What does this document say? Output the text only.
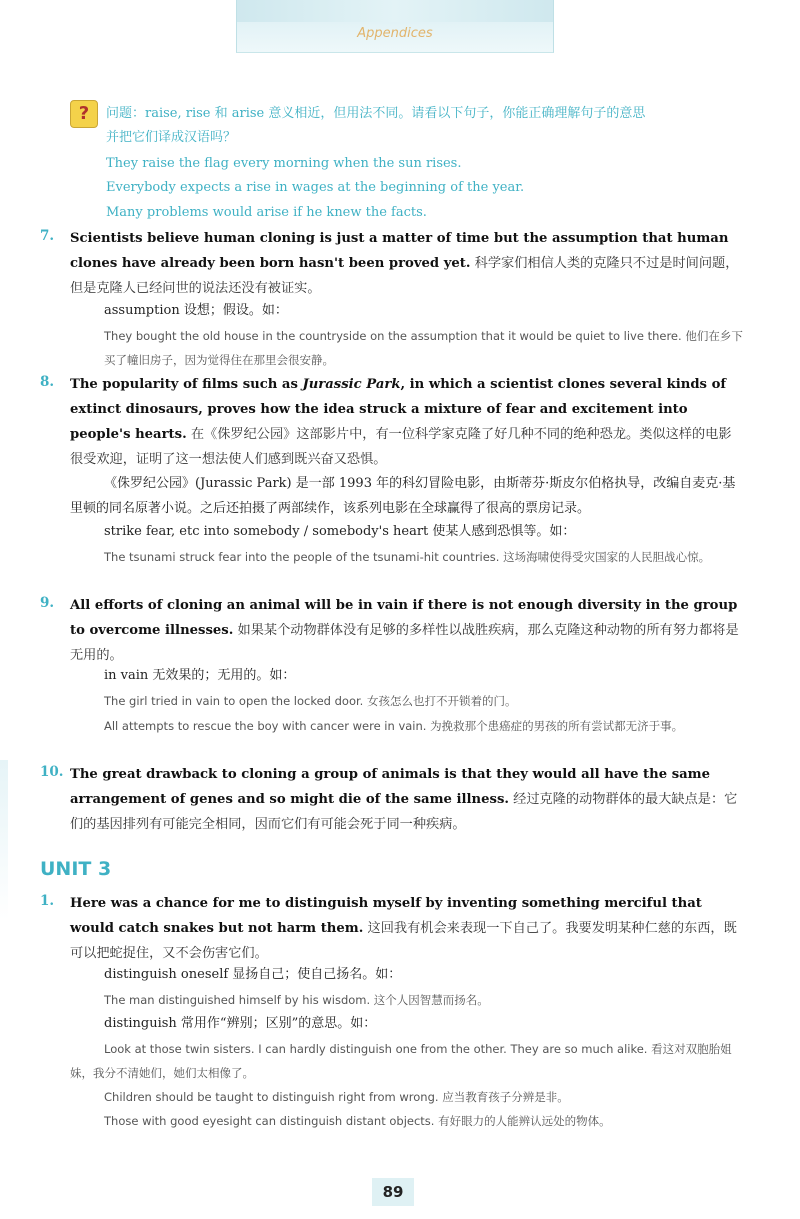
Appendices
?	问题：raise, rise 和 arise 意义相近，但用法不同。请看以下句子，你能正确理解句子的意思
并把它们译成汉语吗？
They raise the flag every morning when the sun rises.
Everybody expects a rise in wages at the beginning of the year.
Many problems would arise if he knew the facts.
7. Scientists believe human cloning is just a matter of time but the assumption that human clones have already been born hasn't been proved yet. 科学家们相信人类的克隆只不过是时间问题，但是克隆人已经问世的说法还没有被证实。
assumption 设想；假设。如：
They bought the old house in the countryside on the assumption that it would be quiet to live there. 他们在乡下买了幢旧房子，因为觉得住在那里会很安静。
8. The popularity of films such as Jurassic Park, in which a scientist clones several kinds of extinct dinosaurs, proves how the idea struck a mixture of fear and excitement into people's hearts. 在《侏罗纪公园》这部影片中，有一位科学家克隆了好几种不同的绝种恐龙。类似这样的电影很受欢迎，证明了这一想法使人们感到既兴奋又恐惧。
《侏罗纪公园》(Jurassic Park) 是一部 1993 年的科幻冒险电影，由斯蒂芬·斯皮尔伯格执导，改编自麦克·基里顿的同名原著小说。之后还拍摄了两部续作，该系列电影在全球赢得了很高的票房记录。
strike fear, etc into somebody / somebody's heart 使某人感到恐惧等。如：
The tsunami struck fear into the people of the tsunami-hit countries. 这场海啸使得受灾国家的人民胆战心惊。
9. All efforts of cloning an animal will be in vain if there is not enough diversity in the group to overcome illnesses. 如果某个动物群体没有足够的多样性以战胜疾病，那么克隆这种动物的所有努力都将是无用的。
in vain 无效果的；无用的。如：
The girl tried in vain to open the locked door. 女孩怎么也打不开锁着的门。
All attempts to rescue the boy with cancer were in vain. 为挽救那个患癌症的男孩的所有尝试都无济于事。
10. The great drawback to cloning a group of animals is that they would all have the same arrangement of genes and so might die of the same illness. 经过克隆的动物群体的最大缺点是：它们的基因排列有可能完全相同，因而它们有可能会死于同一种疾病。
UNIT 3
1. Here was a chance for me to distinguish myself by inventing something merciful that would catch snakes but not harm them. 这回我有机会来表现一下自己了。我要发明某种仁慈的东西，既可以把蛇捉住，又不会伤害它们。
distinguish oneself 显扬自己；使自己扬名。如：
The man distinguished himself by his wisdom. 这个人因智慧而扬名。
distinguish 常用作“辨别；区别”的意思。如：
Look at those twin sisters. I can hardly distinguish one from the other. They are so much alike. 看这对双胞胎姐妹，我分不清她们，她们太相像了。
Children should be taught to distinguish right from wrong. 应当教育孩子分辨是非。
Those with good eyesight can distinguish distant objects. 有好眼力的人能辨认远处的物体。
89
